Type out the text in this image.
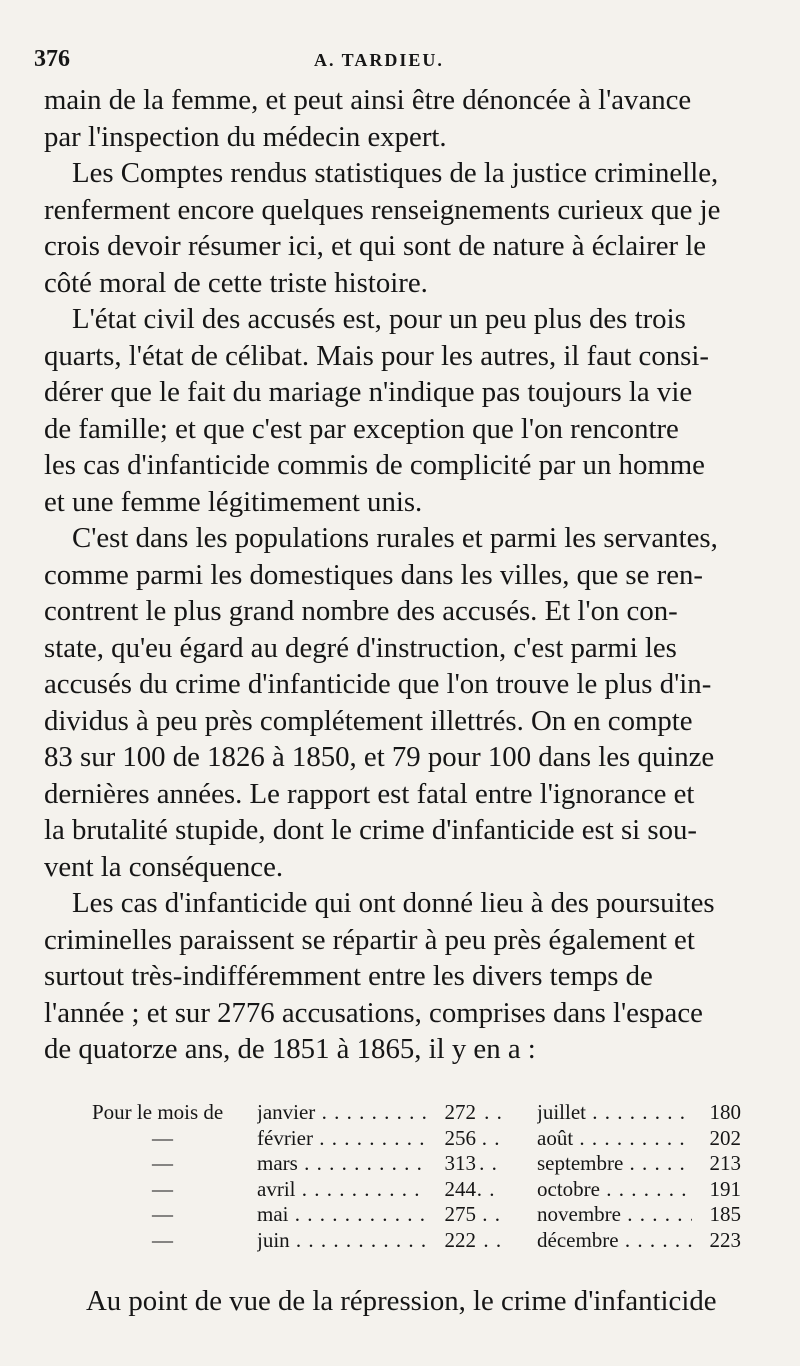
376	A. TARDIEU.

main de la femme, et peut ainsi être dénoncée à l'avance
par l'inspection du médecin expert.

Les Comptes rendus statistiques de la justice criminelle,
renferment encore quelques renseignements curieux que je
crois devoir résumer ici, et qui sont de nature à éclairer le
côté moral de cette triste histoire.

L'état civil des accusés est, pour un peu plus des trois
quarts, l'état de célibat. Mais pour les autres, il faut consi-
dérer que le fait du mariage n'indique pas toujours la vie
de famille; et que c'est par exception que l'on rencontre
les cas d'infanticide commis de complicité par un homme
et une femme légitimement unis.

C'est dans les populations rurales et parmi les servantes,
comme parmi les domestiques dans les villes, que se ren-
contrent le plus grand nombre des accusés. Et l'on con-
state, qu'eu égard au degré d'instruction, c'est parmi les
accusés du crime d'infanticide que l'on trouve le plus d'in-
dividus à peu près complétement illettrés. On en compte
83 sur 100 de 1826 à 1850, et 79 pour 100 dans les quinze
dernières années. Le rapport est fatal entre l'ignorance et
la brutalité stupide, dont le crime d'infanticide est si sou-
vent la conséquence.

Les cas d'infanticide qui ont donné lieu à des poursuites
criminelles paraissent se répartir à peu près également et
surtout très-indifféremment entre les divers temps de
l'année ; et sur 2776 accusations, comprises dans l'espace
de quatorze ans, de 1851 à 1865, il y en a :

Pour le mois de	janvier . . .	272	juillet . . .	180
—	février . . .	256	août . . .	202
—	mars . . .	313	septembre . . .	213
—	avril . . .	244	octobre . . .	191
—	mai . . .	275	novembre . . .	185
—	juin . . .	222	décembre . . .	223
Au point de vue de la répression, le crime d'infanticide
